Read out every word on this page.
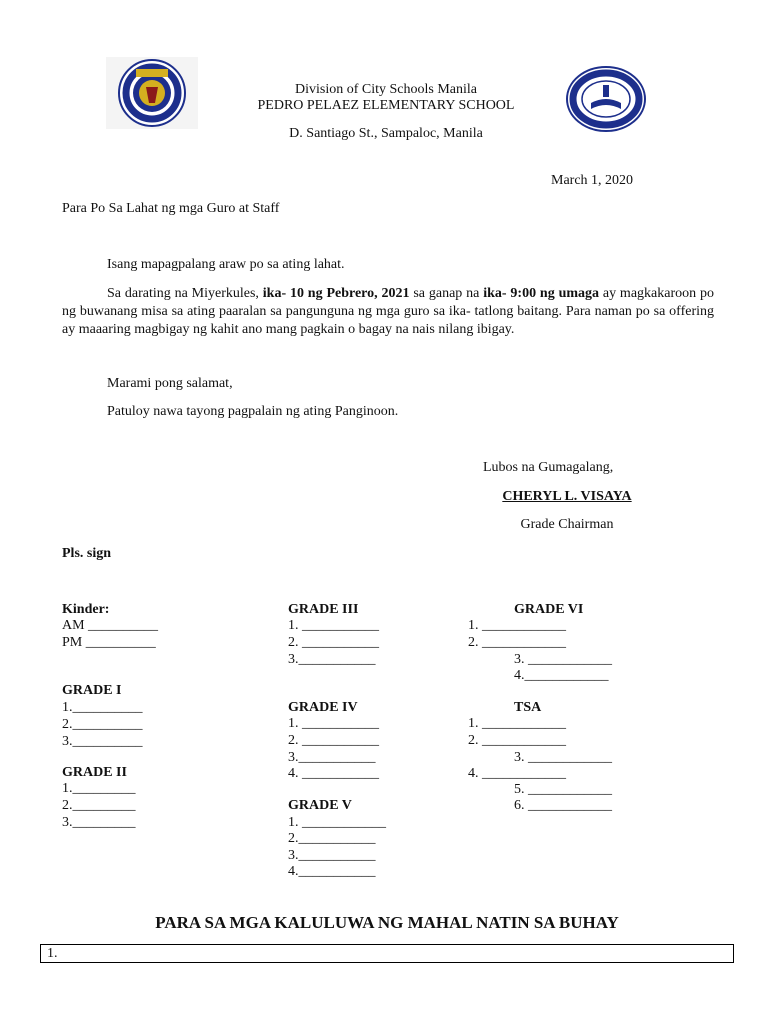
Division of City Schools Manila
PEDRO PELAEZ ELEMENTARY SCHOOL
D. Santiago St., Sampaloc, Manila
March 1, 2020
Para Po Sa Lahat ng mga Guro at Staff
Isang mapagpalang araw po sa ating lahat.
Sa darating na Miyerkules, ika- 10 ng Pebrero, 2021 sa ganap na ika- 9:00 ng umaga ay magkakaroon po ng buwanang misa sa ating paaralan sa pangunguna ng mga guro sa ika- tatlong baitang. Para naman po sa offering ay maaaring magbigay ng kahit ano mang pagkain o bagay na nais nilang ibigay.
Marami pong salamat,
Patuloy nawa tayong pagpalain ng ating Panginoon.
Lubos na Gumagalang,
CHERYL L. VISAYA
Grade Chairman
Pls. sign
Kinder:
AM __________
PM __________
GRADE I
1.__________
2.__________
3.__________
GRADE II
1._________
2._________
3._________
GRADE III
1. ___________
2. ___________
3.___________
GRADE IV
1. ___________
2. ___________
3.___________
4. ___________
GRADE V
1. ____________
2.___________
3.___________
4.___________
GRADE VI
1. ____________
2. ____________
3. ____________
4.____________
TSA
1. ____________
2. ____________
3. ____________
4. ____________
5. ____________
6. ____________
PARA SA MGA KALULUWA NG MAHAL NATIN SA BUHAY
1.
